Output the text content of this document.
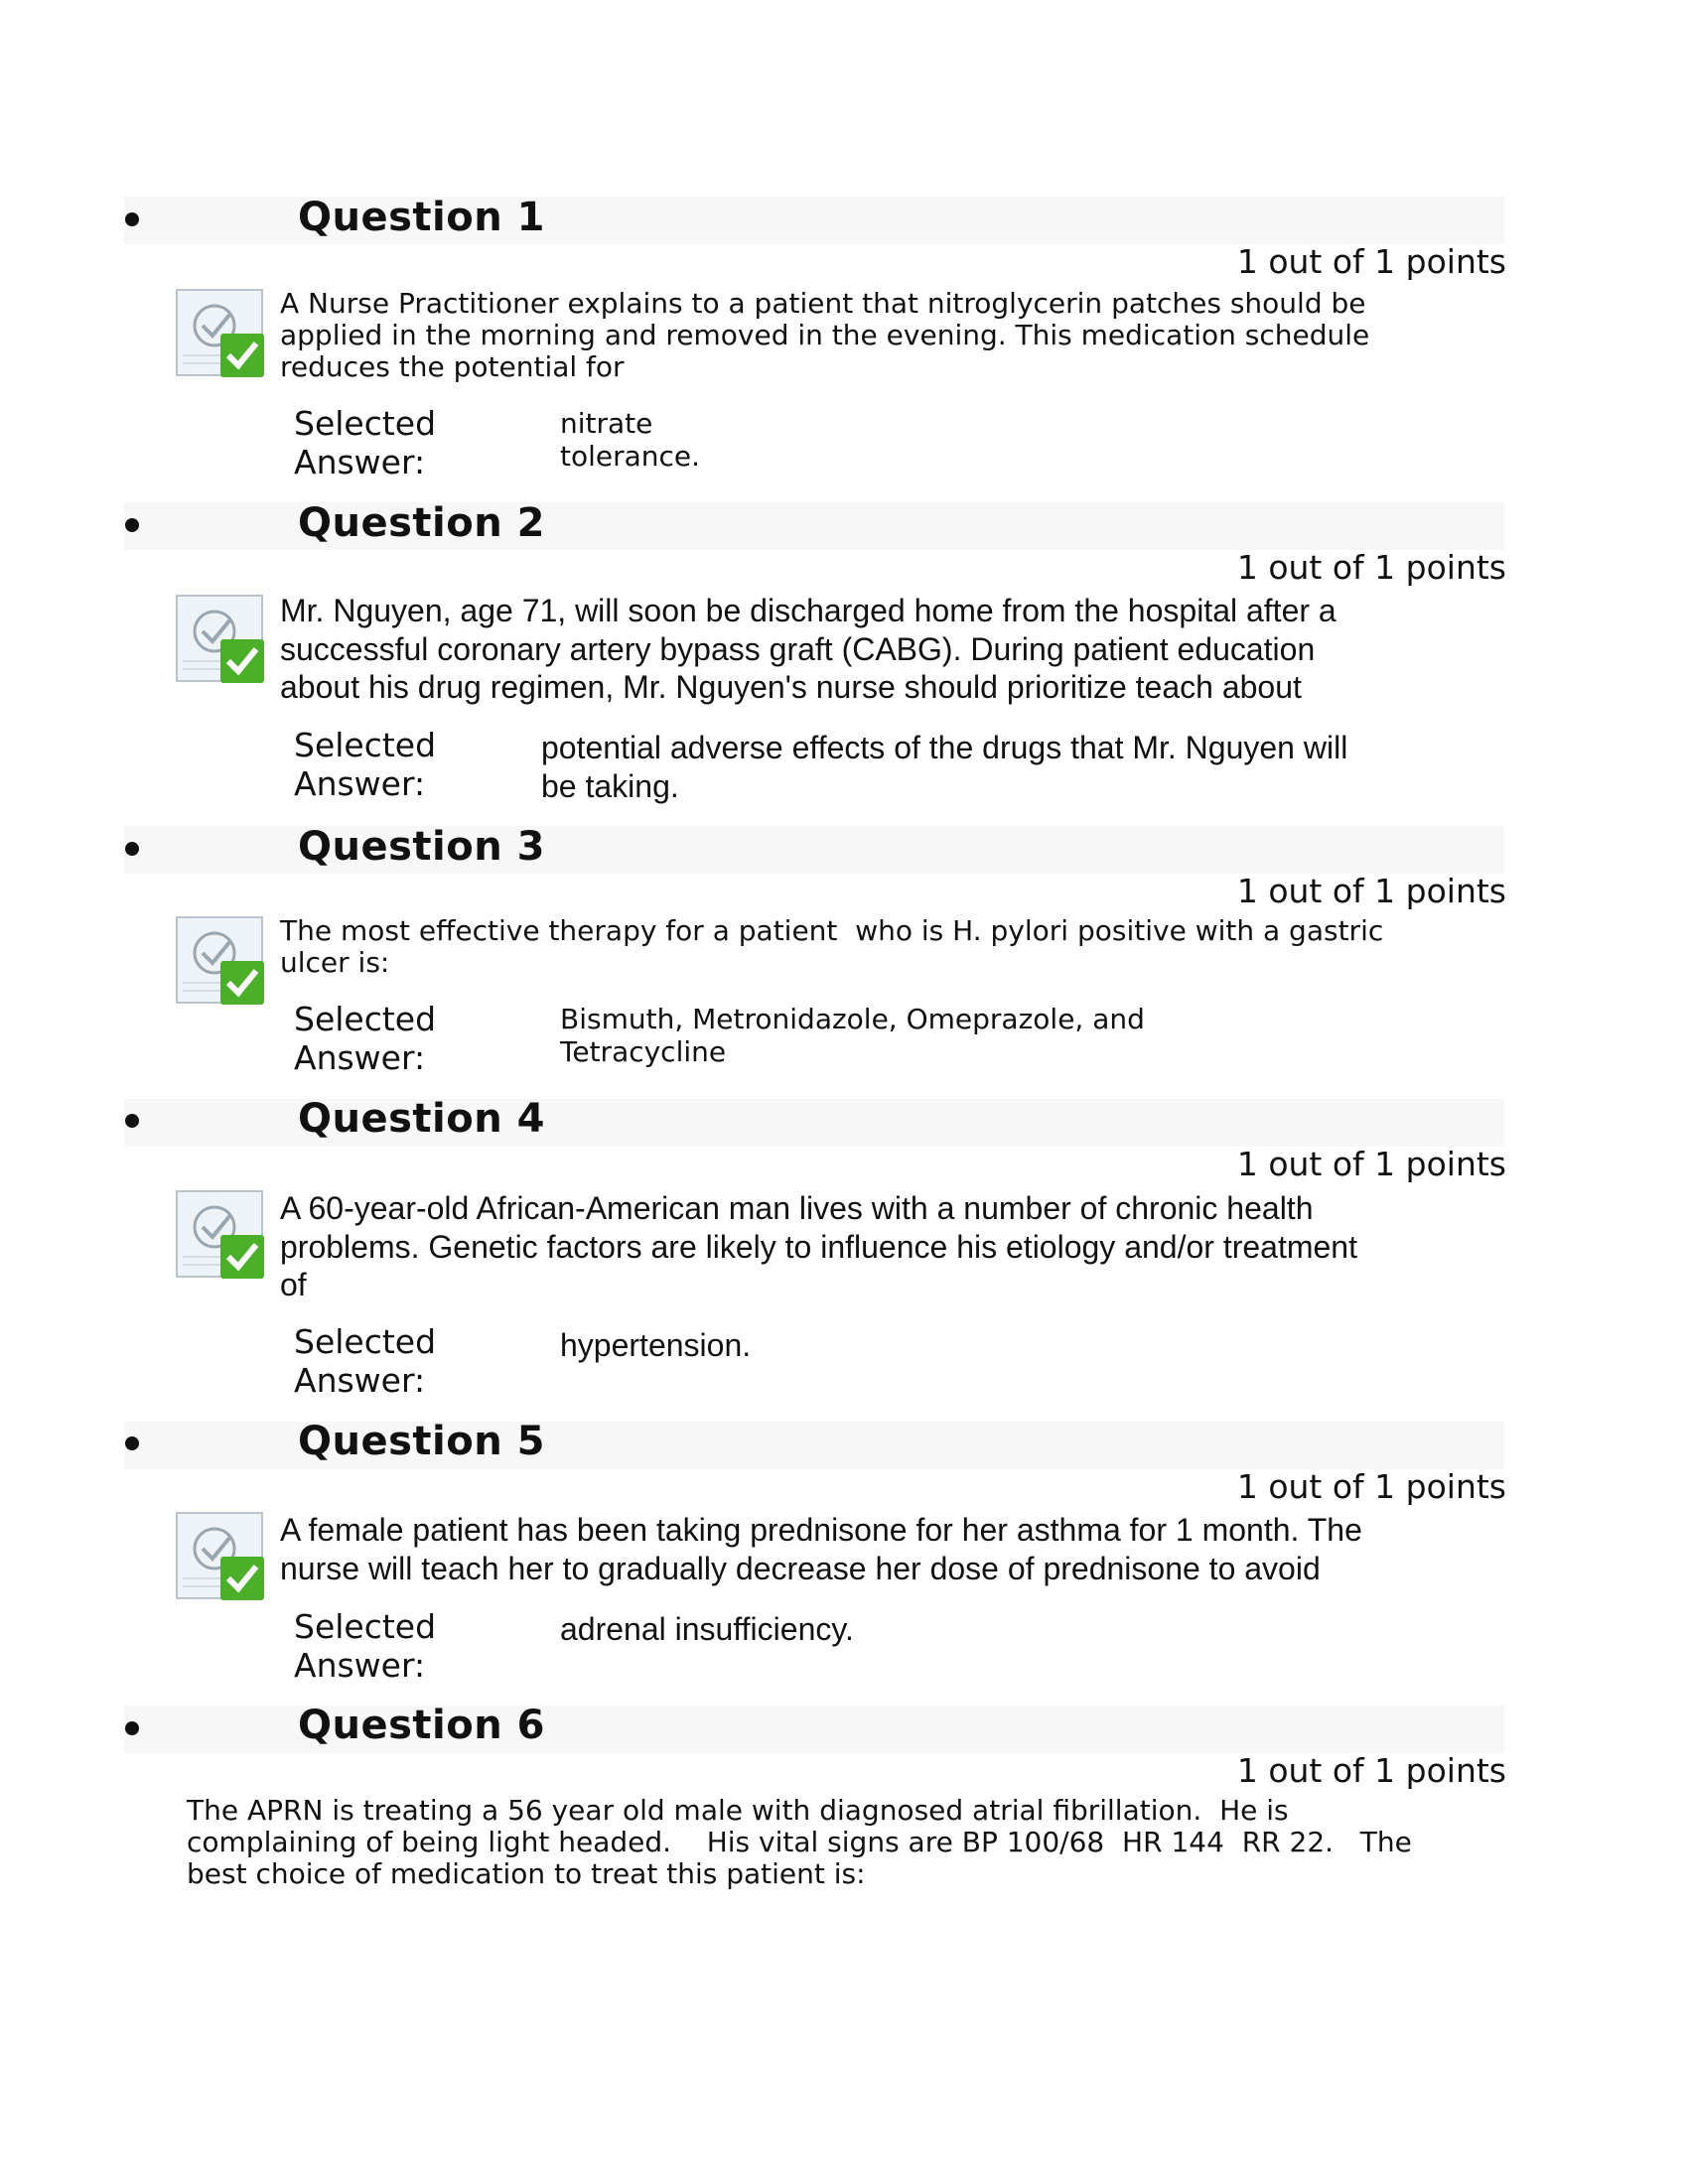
Question 1
1 out of 1 points
A Nurse Practitioner explains to a patient that nitroglycerin patches should be
applied in the morning and removed in the evening. This medication schedule
reduces the potential for
Selected
Answer:
nitrate
tolerance.
Question 2
1 out of 1 points
Mr. Nguyen, age 71, will soon be discharged home from the hospital after a
successful coronary artery bypass graft (CABG). During patient education
about his drug regimen, Mr. Nguyen's nurse should prioritize teach about
Selected
Answer:
potential adverse effects of the drugs that Mr. Nguyen will
be taking.
Question 3
1 out of 1 points
The most effective therapy for a patient  who is H. pylori positive with a gastric
ulcer is:
Selected
Answer:
Bismuth, Metronidazole, Omeprazole, and
Tetracycline
Question 4
1 out of 1 points
A 60-year-old African-American man lives with a number of chronic health
problems. Genetic factors are likely to influence his etiology and/or treatment
of
Selected
Answer:
hypertension.
Question 5
1 out of 1 points
A female patient has been taking prednisone for her asthma for 1 month. The
nurse will teach her to gradually decrease her dose of prednisone to avoid
Selected
Answer:
adrenal insufficiency.
Question 6
1 out of 1 points
The APRN is treating a 56 year old male with diagnosed atrial fibrillation.  He is
complaining of being light headed.    His vital signs are BP 100/68  HR 144  RR 22.   The
best choice of medication to treat this patient is:
